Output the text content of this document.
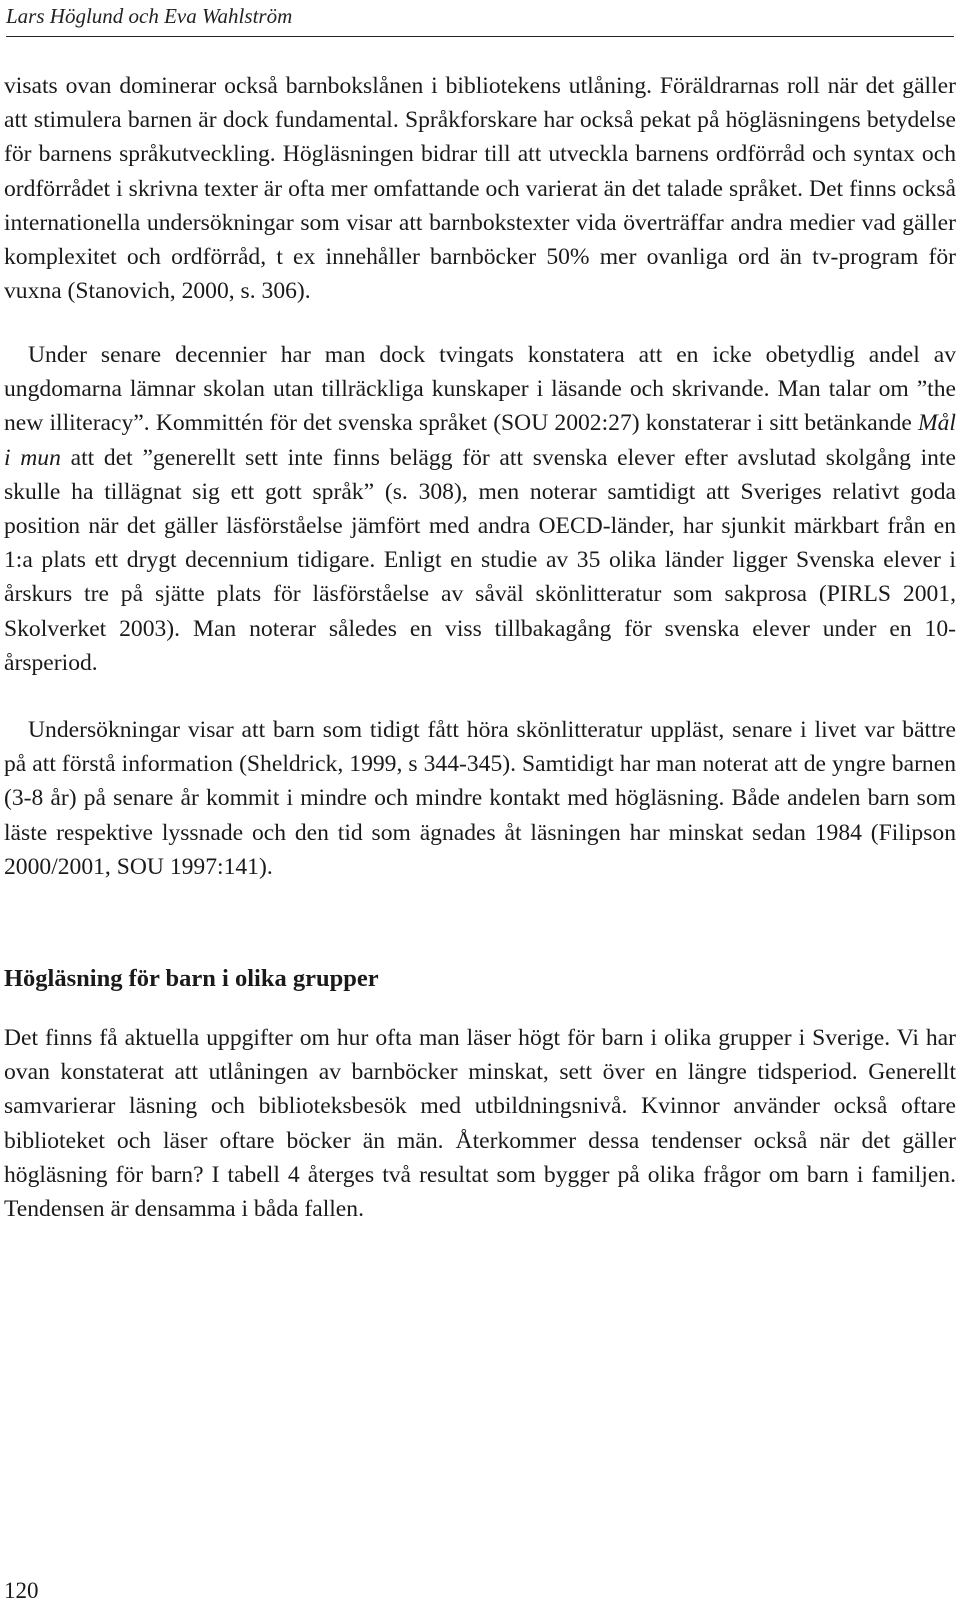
Lars Höglund och Eva Wahlström

visats ovan dominerar också barnbokslånen i bibliotekens utlåning. Föräldrarnas roll när det gäller att stimulera barnen är dock fundamental. Språkforskare har också pekat på högläsningens betydelse för barnens språkutveckling. Högläsningen bidrar till att utveckla barnens ordförråd och syntax och ordförrådet i skrivna texter är ofta mer omfattande och varierat än det talade språket. Det finns också internationella undersökningar som visar att barnbokstexter vida överträffar andra medier vad gäller komplexitet och ordförråd, t ex innehåller barnböcker 50% mer ovanliga ord än tv-program för vuxna (Stanovich, 2000, s. 306).

Under senare decennier har man dock tvingats konstatera att en icke obetydlig andel av ungdomarna lämnar skolan utan tillräckliga kunskaper i läsande och skrivande. Man talar om ”the new illiteracy”. Kommittén för det svenska språket (SOU 2002:27) konstaterar i sitt betänkande Mål i mun att det ”generellt sett inte finns belägg för att svenska elever efter avslutad skolgång inte skulle ha tillägnat sig ett gott språk” (s. 308), men noterar samtidigt att Sveriges relativt goda position när det gäller läsförståelse jämfört med andra OECD-länder, har sjunkit märkbart från en 1:a plats ett drygt decennium tidigare. Enligt en studie av 35 olika länder ligger Svenska elever i årskurs tre på sjätte plats för läsförståelse av såväl skönlitteratur som sakprosa (PIRLS 2001, Skolverket 2003). Man noterar således en viss tillbakagång för svenska elever under en 10-årsperiod.

Undersökningar visar att barn som tidigt fått höra skönlitteratur uppläst, senare i livet var bättre på att förstå information (Sheldrick, 1999, s 344-345). Samtidigt har man noterat att de yngre barnen (3-8 år) på senare år kommit i mindre och mindre kontakt med högläsning. Både andelen barn som läste respektive lyssnade och den tid som ägnades åt läsningen har minskat sedan 1984 (Filipson 2000/2001, SOU 1997:141).

Högläsning för barn i olika grupper

Det finns få aktuella uppgifter om hur ofta man läser högt för barn i olika grupper i Sverige. Vi har ovan konstaterat att utlåningen av barnböcker minskat, sett över en längre tidsperiod. Generellt samvarierar läsning och biblioteksbesök med utbildningsnivå. Kvinnor använder också oftare biblioteket och läser oftare böcker än män. Återkommer dessa tendenser också när det gäller högläsning för barn? I tabell 4 återges två resultat som bygger på olika frågor om barn i familjen. Tendensen är densamma i båda fallen.

120
